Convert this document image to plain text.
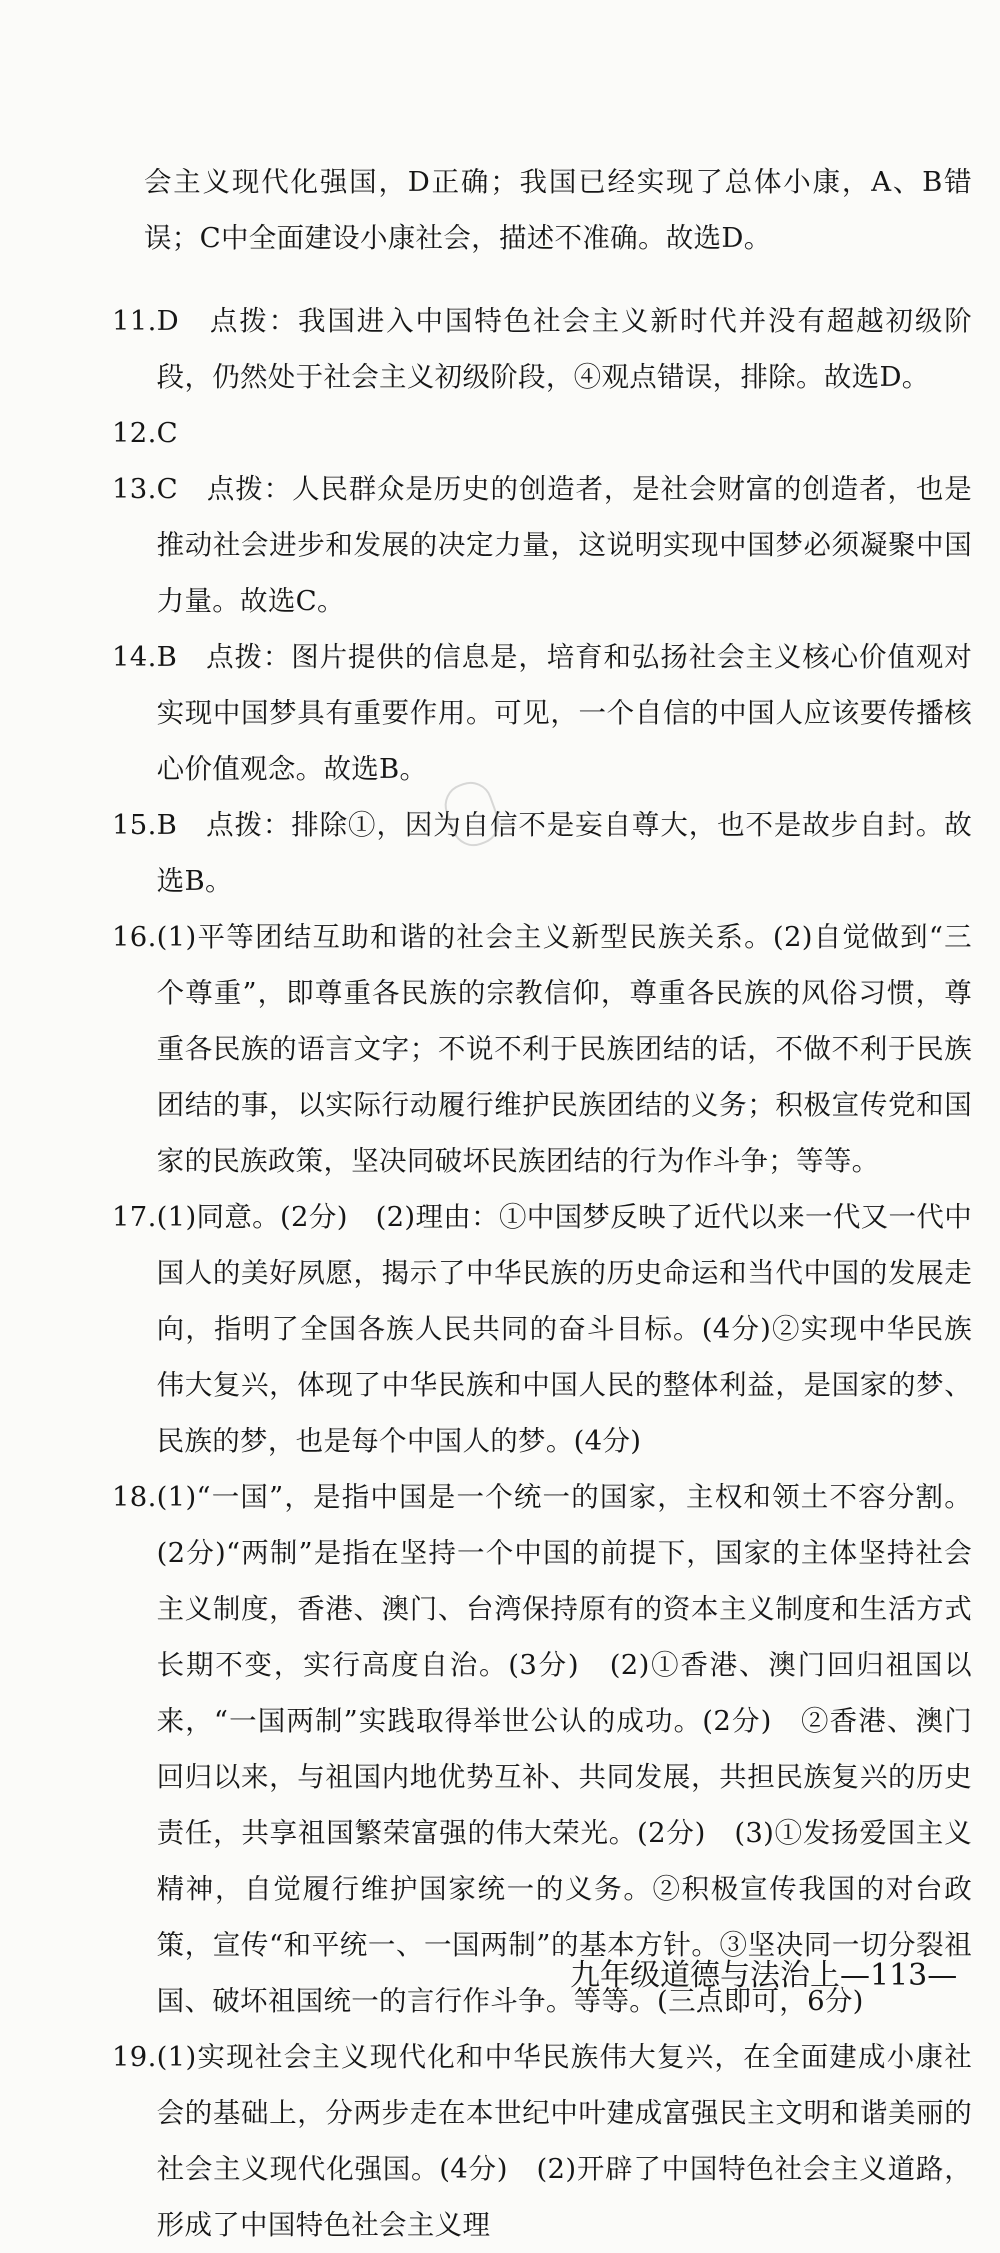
会主义现代化强国，D正确；我国已经实现了总体小康，A、B错误；C中全面建设小康社会，描述不准确。故选D。

11. D　点拨：我国进入中国特色社会主义新时代并没有超越初级阶段，仍然处于社会主义初级阶段，④观点错误，排除。故选D。

12. C

13. C　点拨：人民群众是历史的创造者，是社会财富的创造者，也是推动社会进步和发展的决定力量，这说明实现中国梦必须凝聚中国力量。故选C。

14. B　点拨：图片提供的信息是，培育和弘扬社会主义核心价值观对实现中国梦具有重要作用。可见，一个自信的中国人应该要传播核心价值观念。故选B。

15. B　点拨：排除①，因为自信不是妄自尊大，也不是故步自封。故选B。

16. (1)平等团结互助和谐的社会主义新型民族关系。(2)自觉做到“三个尊重”，即尊重各民族的宗教信仰，尊重各民族的风俗习惯，尊重各民族的语言文字；不说不利于民族团结的话，不做不利于民族团结的事，以实际行动履行维护民族团结的义务；积极宣传党和国家的民族政策，坚决同破坏民族团结的行为作斗争；等等。

17. (1)同意。(2分)　(2)理由：①中国梦反映了近代以来一代又一代中国人的美好夙愿，揭示了中华民族的历史命运和当代中国的发展走向，指明了全国各族人民共同的奋斗目标。(4分)②实现中华民族伟大复兴，体现了中华民族和中国人民的整体利益，是国家的梦、民族的梦，也是每个中国人的梦。(4分)

18. (1)“一国”，是指中国是一个统一的国家，主权和领土不容分割。(2分)“两制”是指在坚持一个中国的前提下，国家的主体坚持社会主义制度，香港、澳门、台湾保持原有的资本主义制度和生活方式长期不变，实行高度自治。(3分)　(2)①香港、澳门回归祖国以来，“一国两制”实践取得举世公认的成功。(2分)　②香港、澳门回归以来，与祖国内地优势互补、共同发展，共担民族复兴的历史责任，共享祖国繁荣富强的伟大荣光。(2分)　(3)①发扬爱国主义精神，自觉履行维护国家统一的义务。②积极宣传我国的对台政策，宣传“和平统一、一国两制”的基本方针。③坚决同一切分裂祖国、破坏祖国统一的言行作斗争。等等。(三点即可，6分)

19. (1)实现社会主义现代化和中华民族伟大复兴，在全面建成小康社会的基础上，分两步走在本世纪中叶建成富强民主文明和谐美丽的社会主义现代化强国。(4分)　(2)开辟了中国特色社会主义道路，形成了中国特色社会主义理

九年级道德与法治上—113—
